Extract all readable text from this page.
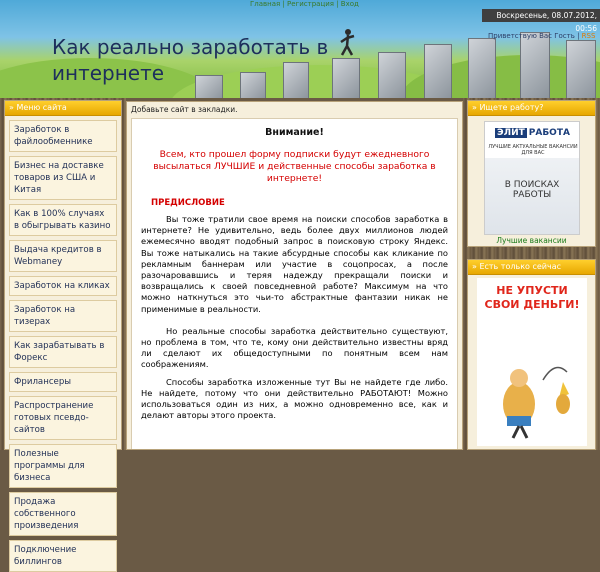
Главная | Регистрация | Вход
Как реально заработать в
интернете
Воскресенье, 08.07.2012, 00:56
Приветствую Вас Гость | RSS
» Меню сайта
Заработок в файлообменнике
Бизнес на доставке товаров из США и Китая
Как в 100% случаях в обыгрывать казино
Выдача кредитов в Webmaney
Заработок на кликах
Заработок на тизерах
Как зарабатывать в Форекс
Фрилансеры
Распространение готовых псевдо-сайтов
Полезные программы для бизнеса
Продажа собственного произведения
Подключение биллингов
Добавьте сайт в закладки.
Внимание!
Всем, кто прошел форму подписки будут ежедневного высылаться ЛУЧШИЕ и действенные способы заработка в интернете!
ПРЕДИСЛОВИЕ

Вы тоже тратили свое время на поиски способов заработка в интернете? Не удивительно, ведь более двух миллионов людей ежемесячно вводят подобный запрос в поисковую строку Яндекс. Вы тоже натыкались на такие абсурдные способы как кликание по рекламным баннерам или участие в соцопросах, а после разочаровавшись и теряя надежду прекращали поиски и возвращались к своей повседневной работе? Максимум на что можно наткнуться это чьи-то абстрактные фантазии никак не применимые в реальности.

Но реальные способы заработка действительно существуют, но проблема в том, что те, кому они действительно известны вряд ли сделают их общедоступными по понятным всем нам соображениям.

Способы заработка изложенные тут Вы не найдете где либо. Не найдете, потому что они действительно РАБОТАЮТ! Можно использоваться один из них, а можно одновременно все, как и делают авторы этого проекта.

» Ищете работу?
ЭЛИТ РАБОТА
ЛУЧШИЕ АКТУАЛЬНЫЕ ВАКАНСИИ ДЛЯ ВАС
В ПОИСКАХ РАБОТЫ
Лучшие вакансии
» Есть только сейчас
НЕ УПУСТИ
СВОИ ДЕНЬГИ!
